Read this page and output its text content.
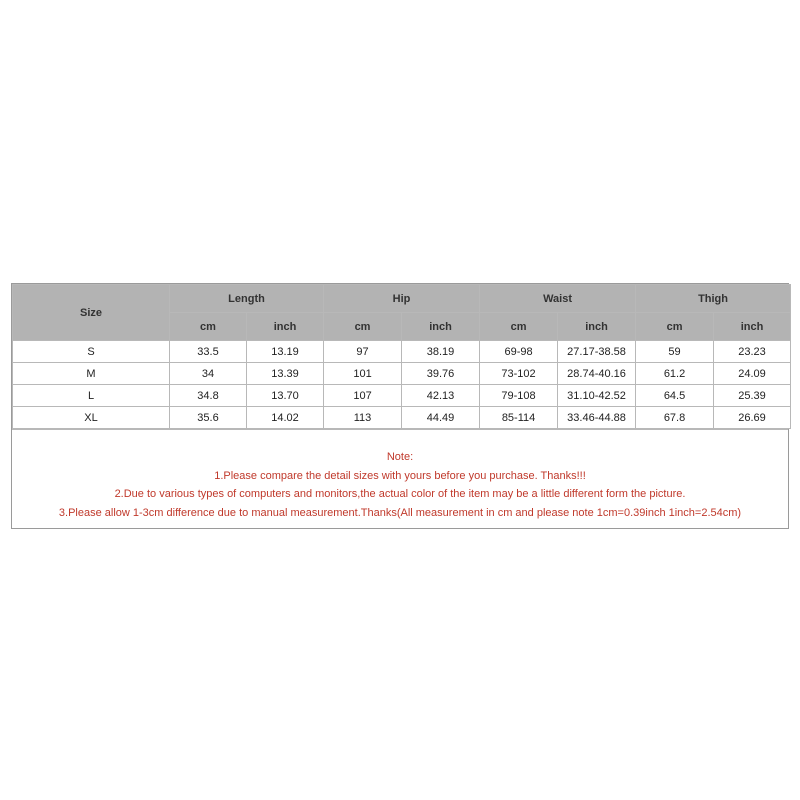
Size	Length		Hip		Waist		Thigh	
	cm	inch	cm	inch	cm	inch	cm	inch
S	33.5	13.19	97	38.19	69-98	27.17-38.58	59	23.23
M	34	13.39	101	39.76	73-102	28.74-40.16	61.2	24.09
L	34.8	13.70	107	42.13	79-108	31.10-42.52	64.5	25.39
XL	35.6	14.02	113	44.49	85-114	33.46-44.88	67.8	26.69
Note:
1.Please compare the detail sizes with yours before you purchase. Thanks!!!
2.Due to various types of computers and monitors,the actual color of the item may be a little different form the picture.
3.Please allow 1-3cm difference due to manual measurement.Thanks(All measurement in cm and please note 1cm=0.39inch 1inch=2.54cm)
